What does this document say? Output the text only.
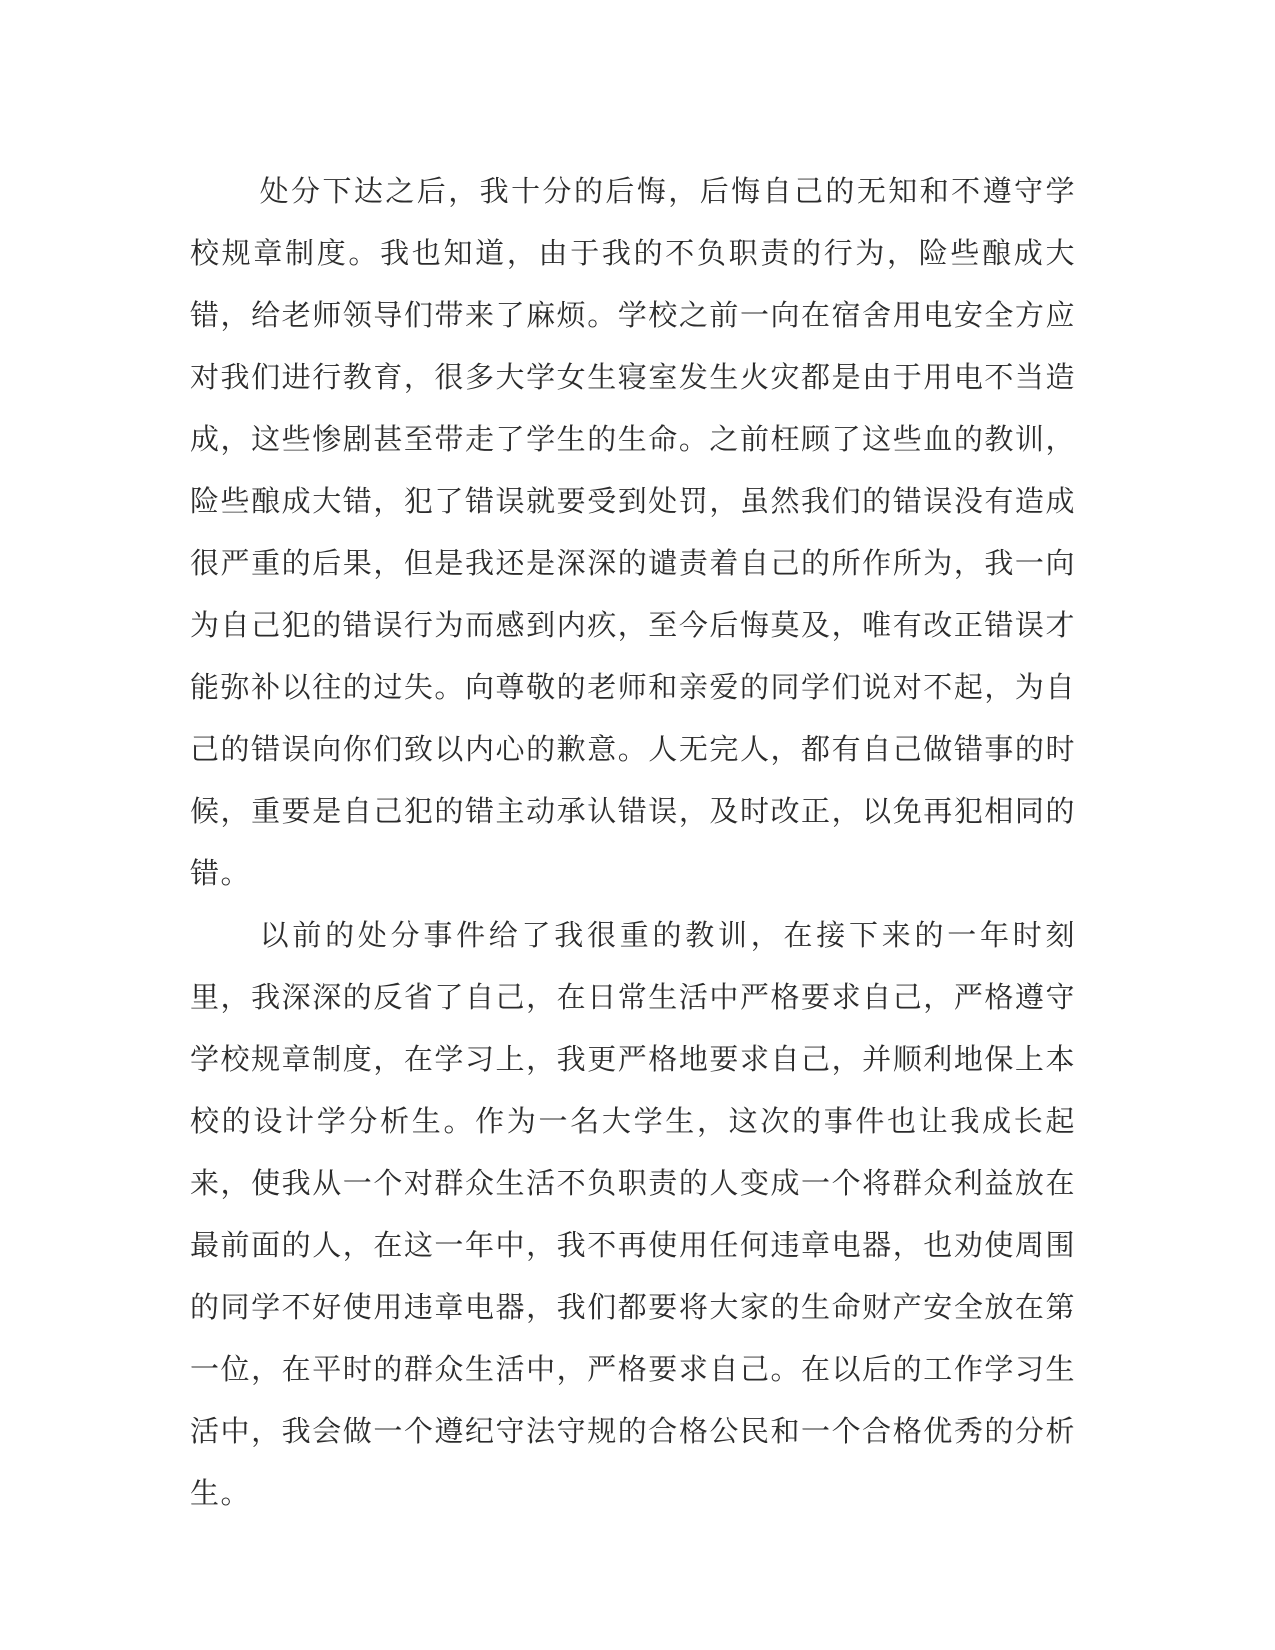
处分下达之后，我十分的后悔，后悔自己的无知和不遵守学校规章制度。我也知道，由于我的不负职责的行为，险些酿成大错，给老师领导们带来了麻烦。学校之前一向在宿舍用电安全方应对我们进行教育，很多大学女生寝室发生火灾都是由于用电不当造成，这些惨剧甚至带走了学生的生命。之前枉顾了这些血的教训，险些酿成大错，犯了错误就要受到处罚，虽然我们的错误没有造成很严重的后果，但是我还是深深的谴责着自己的所作所为，我一向为自己犯的错误行为而感到内疚，至今后悔莫及，唯有改正错误才能弥补以往的过失。向尊敬的老师和亲爱的同学们说对不起，为自己的错误向你们致以内心的歉意。人无完人，都有自己做错事的时候，重要是自己犯的错主动承认错误，及时改正，以免再犯相同的错。

以前的处分事件给了我很重的教训，在接下来的一年时刻里，我深深的反省了自己，在日常生活中严格要求自己，严格遵守学校规章制度，在学习上，我更严格地要求自己，并顺利地保上本校的设计学分析生。作为一名大学生，这次的事件也让我成长起来，使我从一个对群众生活不负职责的人变成一个将群众利益放在最前面的人，在这一年中，我不再使用任何违章电器，也劝使周围的同学不好使用违章电器，我们都要将大家的生命财产安全放在第一位，在平时的群众生活中，严格要求自己。在以后的工作学习生活中，我会做一个遵纪守法守规的合格公民和一个合格优秀的分析生。
